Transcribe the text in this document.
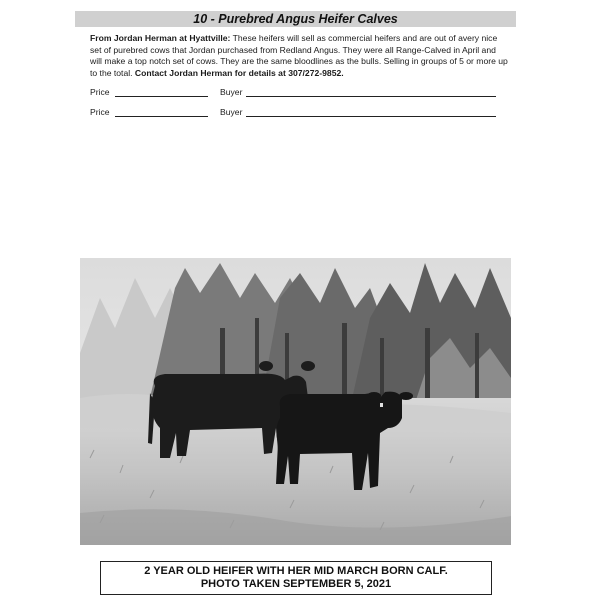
10 - Purebred Angus Heifer Calves

From Jordan Herman at Hyattville: These heifers will sell as commercial heifers and are out of avery nice set of purebred cows that Jordan purchased from Redland Angus. They were all Range-Calved in April and will make a top notch set of cows. They are the same bloodlines as the bulls. Selling in groups of 5 or more up to the total. Contact Jordan Herman for details at 307/272-9852.

Price	Buyer
Price	Buyer
2 YEAR OLD HEIFER WITH HER MID MARCH BORN CALF.
PHOTO TAKEN SEPTEMBER 5, 2021
